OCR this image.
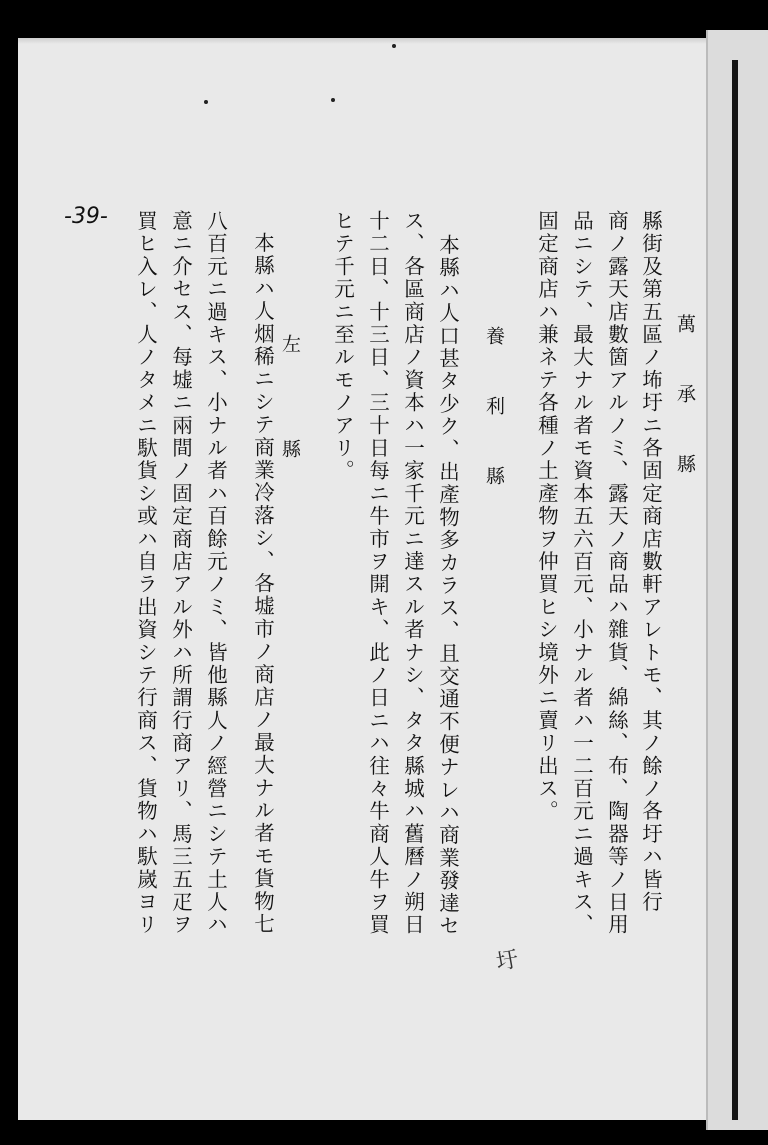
萬　承　縣
縣街及第五區ノ㘵圩ニ各固定商店數軒アレトモ、其ノ餘ノ各圩ハ皆行
商ノ露天店數箇アルノミ、露天ノ商品ハ雜貨、綿絲、布、陶器等ノ日用
品ニシテ、最大ナル者モ資本五六百元、小ナル者ハ一二百元ニ過キス、
固定商店ハ兼ネテ各種ノ土產物ヲ仲買ヒシ境外ニ賣リ出ス。
養　利　縣
本縣ハ人口甚タ少ク、出產物多カラス、且交通不便ナレハ商業發達セ
ス、各區商店ノ資本ハ一家千元ニ達スル者ナシ、タタ縣城ハ舊曆ノ朔日
十二日、十三日、三十日每ニ牛市ヲ開キ、此ノ日ニハ往々牛商人牛ヲ買
ヒテ千元ニ至ルモノアリ。
左　　縣
本縣ハ人烟稀ニシテ商業冷落シ、各墟市ノ商店ノ最大ナル者モ貨物七
八百元ニ過キス、小ナル者ハ百餘元ノミ、皆他縣人ノ經營ニシテ土人ハ
意ニ介セス、每墟ニ兩間ノ固定商店アル外ハ所謂行商アリ、馬三五疋ヲ
買ヒ入レ、人ノタメニ馱貨シ或ハ自ラ出資シテ行商ス、貨物ハ馱嵗ヨリ
-39-
圩
